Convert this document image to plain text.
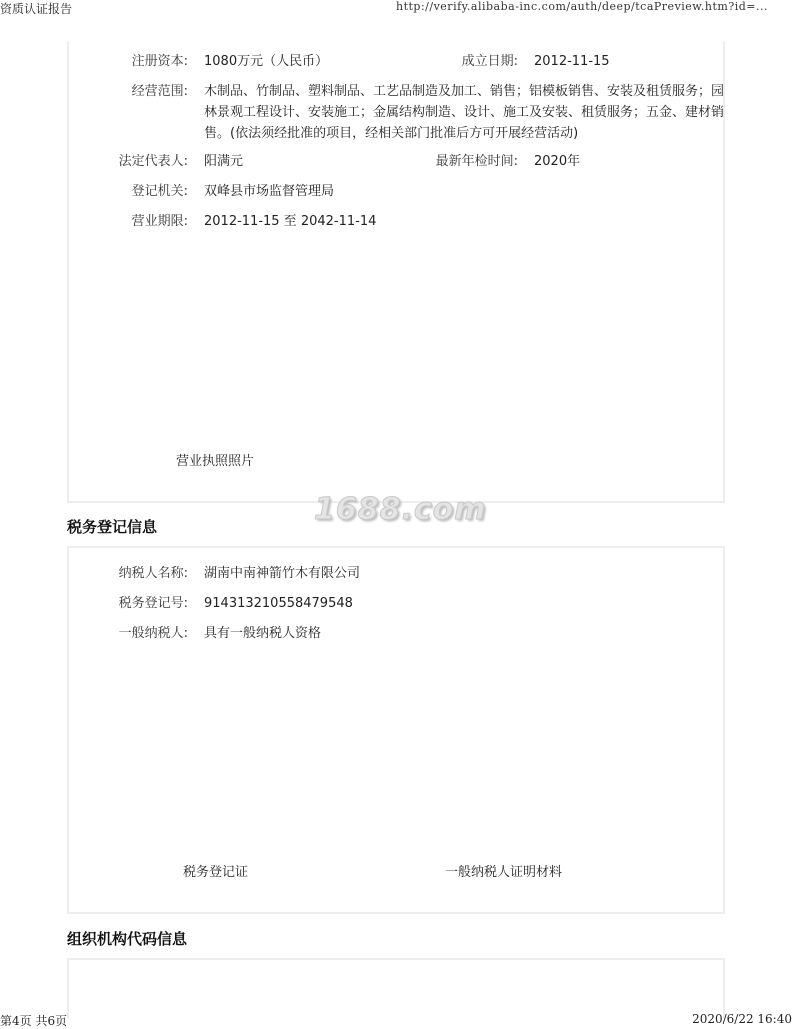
资质认证报告	http://verify.alibaba-inc.com/auth/deep/tcaPreview.htm?id=...
注册资本: 1080万元（人民币）	成立日期: 2012-11-15
经营范围: 木制品、竹制品、塑料制品、工艺品制造及加工、销售；铝模板销售、安装及租赁服务；园林景观工程设计、安装施工；金属结构制造、设计、施工及安装、租赁服务；五金、建材销售。(依法须经批准的项目，经相关部门批准后方可开展经营活动)
法定代表人: 阳满元	最新年检时间: 2020年
登记机关: 双峰县市场监督管理局
营业期限: 2012-11-15 至 2042-11-14
营业执照照片
1688.com
税务登记信息
纳税人名称: 湖南中南神箭竹木有限公司
税务登记号: 914313210558479548
一般纳税人: 具有一般纳税人资格
税务登记证	一般纳税人证明材料
组织机构代码信息
第4页 共6页	2020/6/22 16:40
